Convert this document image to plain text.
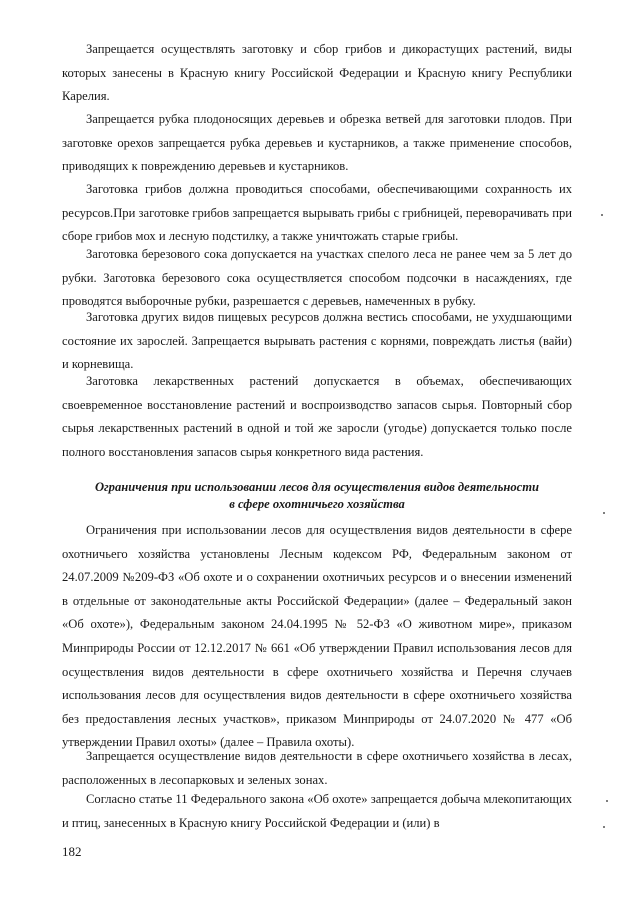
Запрещается осуществлять заготовку и сбор грибов и дикорастущих растений, виды которых занесены в Красную книгу Российской Федерации и Красную книгу Республики Карелия.

Запрещается рубка плодоносящих деревьев и обрезка ветвей для заготовки плодов. При заготовке орехов запрещается рубка деревьев и кустарников, а также применение способов, приводящих к повреждению деревьев и кустарников.

Заготовка грибов должна проводиться способами, обеспечивающими сохранность их ресурсов.При заготовке грибов запрещается вырывать грибы с грибницей, переворачивать при сборе грибов мох и лесную подстилку, а также уничтожать старые грибы.

Заготовка березового сока допускается на участках спелого леса не ранее чем за 5 лет до рубки. Заготовка березового сока осуществляется способом подсочки в насаждениях, где проводятся выборочные рубки, разрешается с деревьев, намеченных в рубку.

Заготовка других видов пищевых ресурсов должна вестись способами, не ухудшающими состояние их зарослей. Запрещается вырывать растения с корнями, повреждать листья (вайи) и корневища.

Заготовка лекарственных растений допускается в объемах, обеспечивающих своевременное восстановление растений и воспроизводство запасов сырья. Повторный сбор сырья лекарственных растений в одной и той же заросли (угодье) допускается только после полного восстановления запасов сырья конкретного вида растения.

Ограничения при использовании лесов для осуществления видов деятельности
в сфере охотничьего хозяйства

Ограничения при использовании лесов для осуществления видов деятельности в сфере охотничьего хозяйства установлены Лесным кодексом РФ, Федеральным законом от 24.07.2009 №209-ФЗ «Об охоте и о сохранении охотничьих ресурсов и о внесении изменений в отдельные от законодательные акты Российской Федерации» (далее – Федеральный закон «Об охоте»), Федеральным законом 24.04.1995 № 52-ФЗ «О животном мире», приказом Минприроды России от 12.12.2017 № 661 «Об утверждении Правил использования лесов для осуществления видов деятельности в сфере охотничьего хозяйства и Перечня случаев использования лесов для осуществления видов деятельности в сфере охотничьего хозяйства без предоставления лесных участков», приказом Минприроды от 24.07.2020 № 477 «Об утверждении Правил охоты» (далее – Правила охоты).

Запрещается осуществление видов деятельности в сфере охотничьего хозяйства в лесах, расположенных в лесопарковых и зеленых зонах.

Согласно статье 11 Федерального закона «Об охоте» запрещается добыча млекопитающих и птиц, занесенных в Красную книгу Российской Федерации и (или) в

182
